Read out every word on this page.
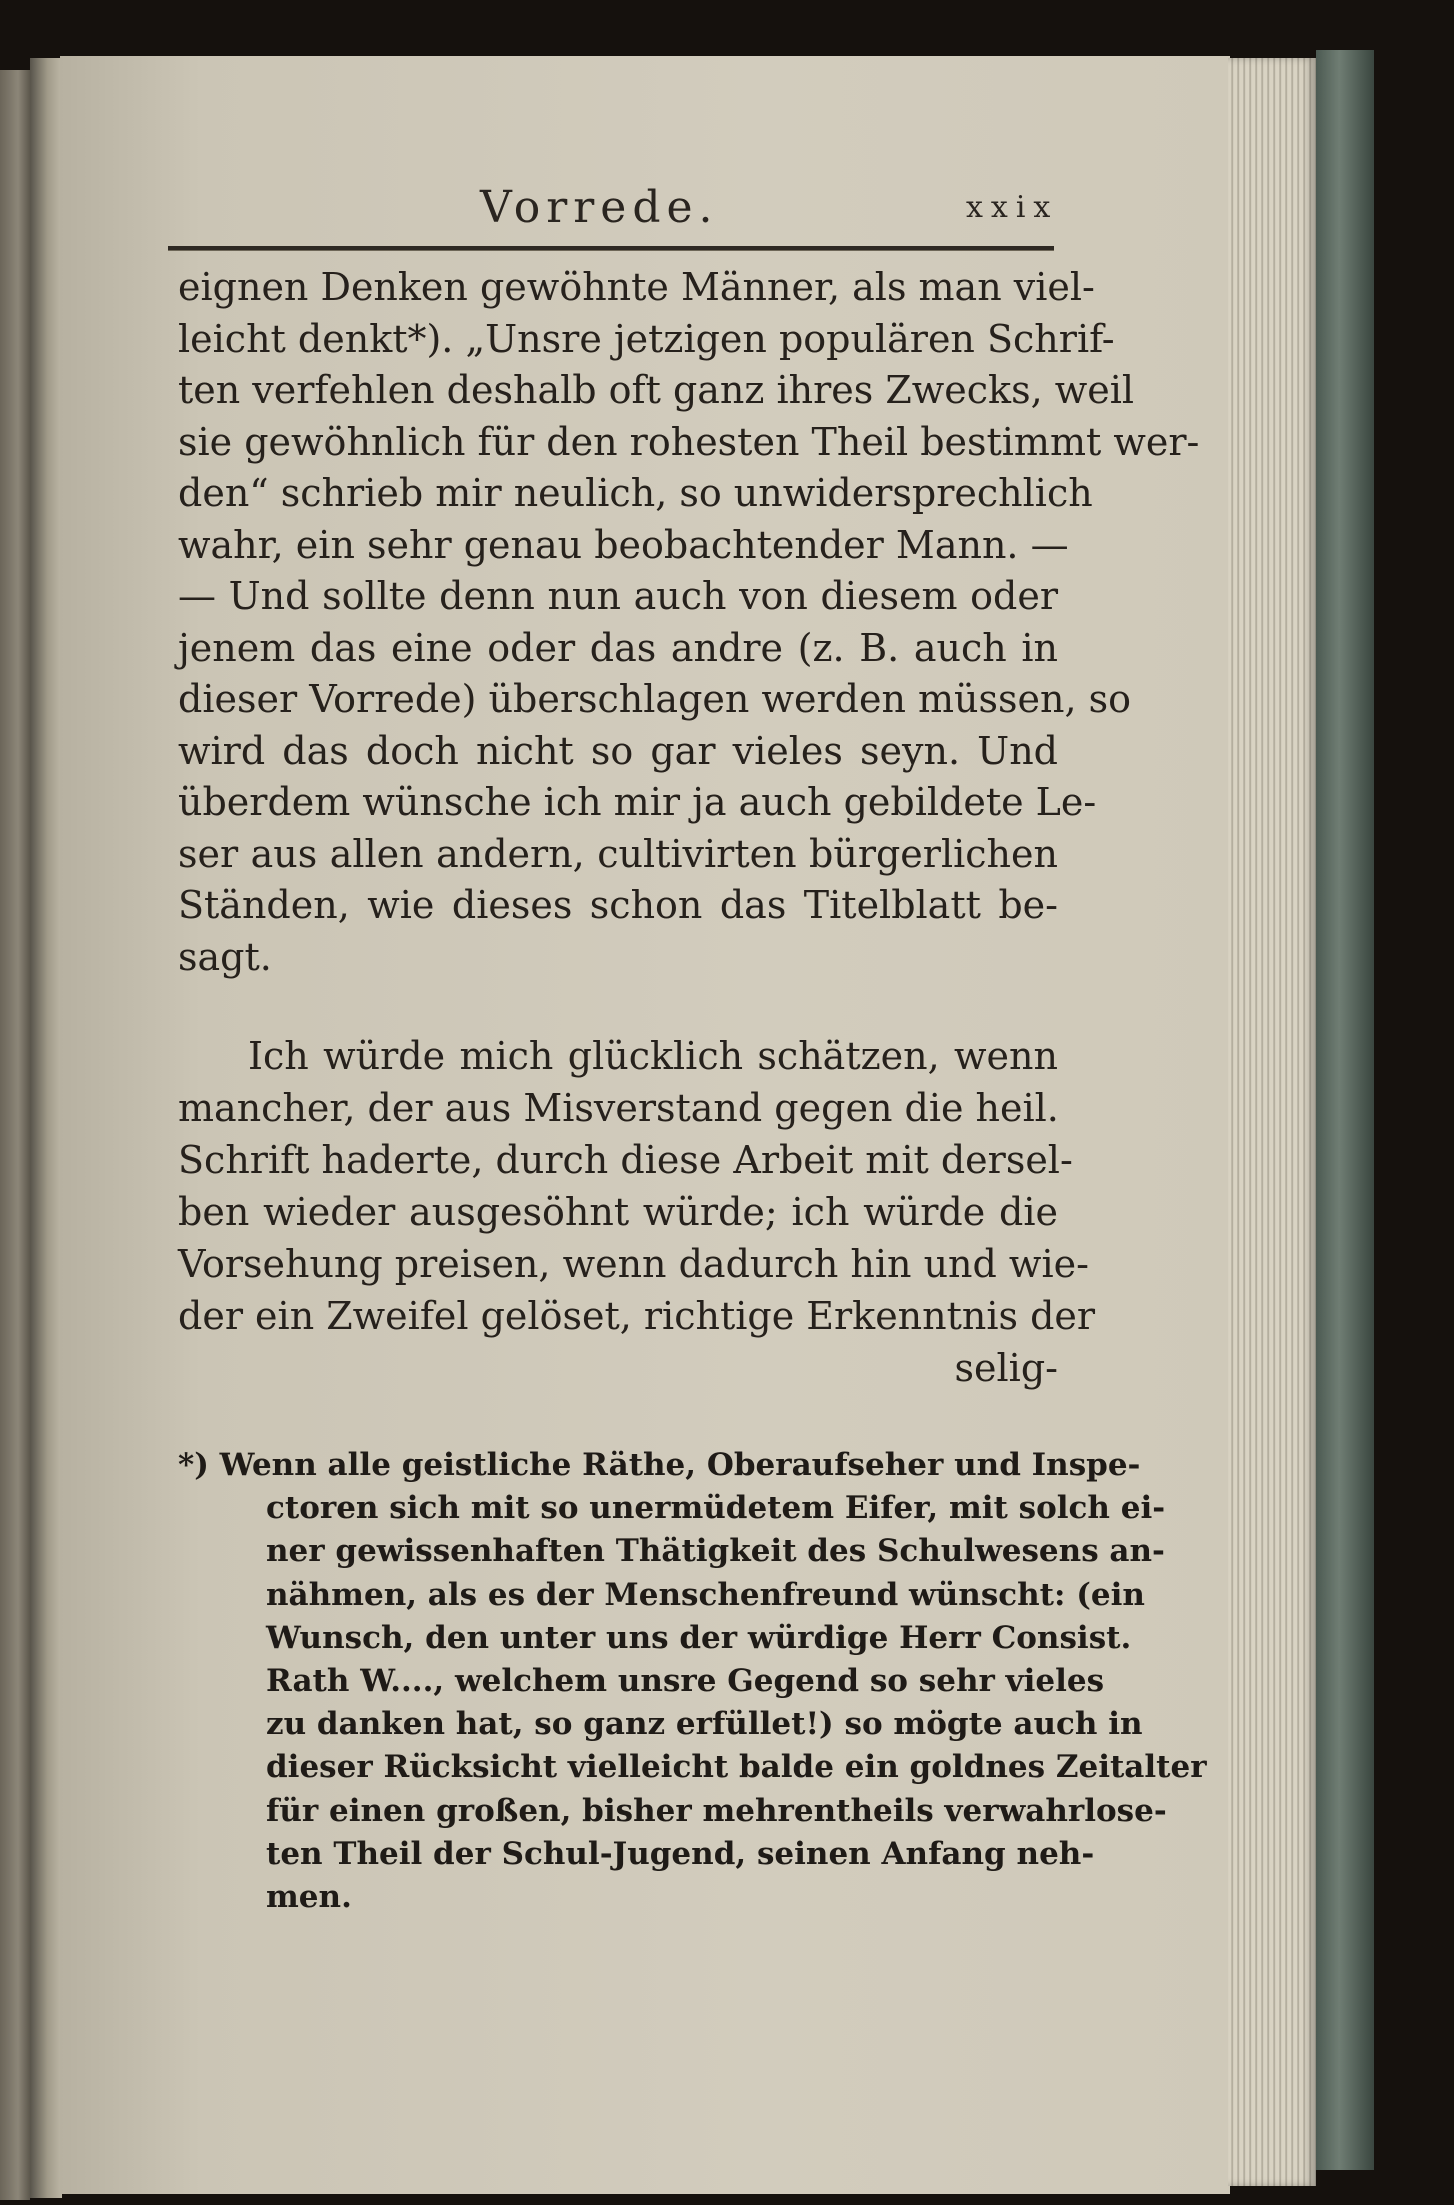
Vorrede.	xxix
eignen Denken gewöhnte Männer, als man viel-
leicht denkt*). „Unsre jetzigen populären Schrif-
ten verfehlen deshalb oft ganz ihres Zwecks, weil
sie gewöhnlich für den rohesten Theil bestimmt wer-
den“ schrieb mir neulich, so unwidersprechlich
wahr, ein sehr genau beobachtender Mann. —
— Und sollte denn nun auch von diesem oder
jenem das eine oder das andre (z. B. auch in
dieser Vorrede) überschlagen werden müssen, so
wird das doch nicht so gar vieles seyn. Und
überdem wünsche ich mir ja auch gebildete Le-
ser aus allen andern, cultivirten bürgerlichen
Ständen, wie dieses schon das Titelblatt be-
sagt.
Ich würde mich glücklich schätzen, wenn
mancher, der aus Misverstand gegen die heil.
Schrift haderte, durch diese Arbeit mit dersel-
ben wieder ausgesöhnt würde; ich würde die
Vorsehung preisen, wenn dadurch hin und wie-
der ein Zweifel gelöset, richtige Erkenntnis der
selig-
*) Wenn alle geistliche Räthe, Oberaufseher und Inspe-
ctoren sich mit so unermüdetem Eifer, mit solch ei-
ner gewissenhaften Thätigkeit des Schulwesens an-
nähmen, als es der Menschenfreund wünscht: (ein
Wunsch, den unter uns der würdige Herr Consist.
Rath W...., welchem unsre Gegend so sehr vieles
zu danken hat, so ganz erfüllet!) so mögte auch in
dieser Rücksicht vielleicht balde ein goldnes Zeitalter
für einen großen, bisher mehrentheils verwahrlose-
ten Theil der Schul-Jugend, seinen Anfang neh-
men.
